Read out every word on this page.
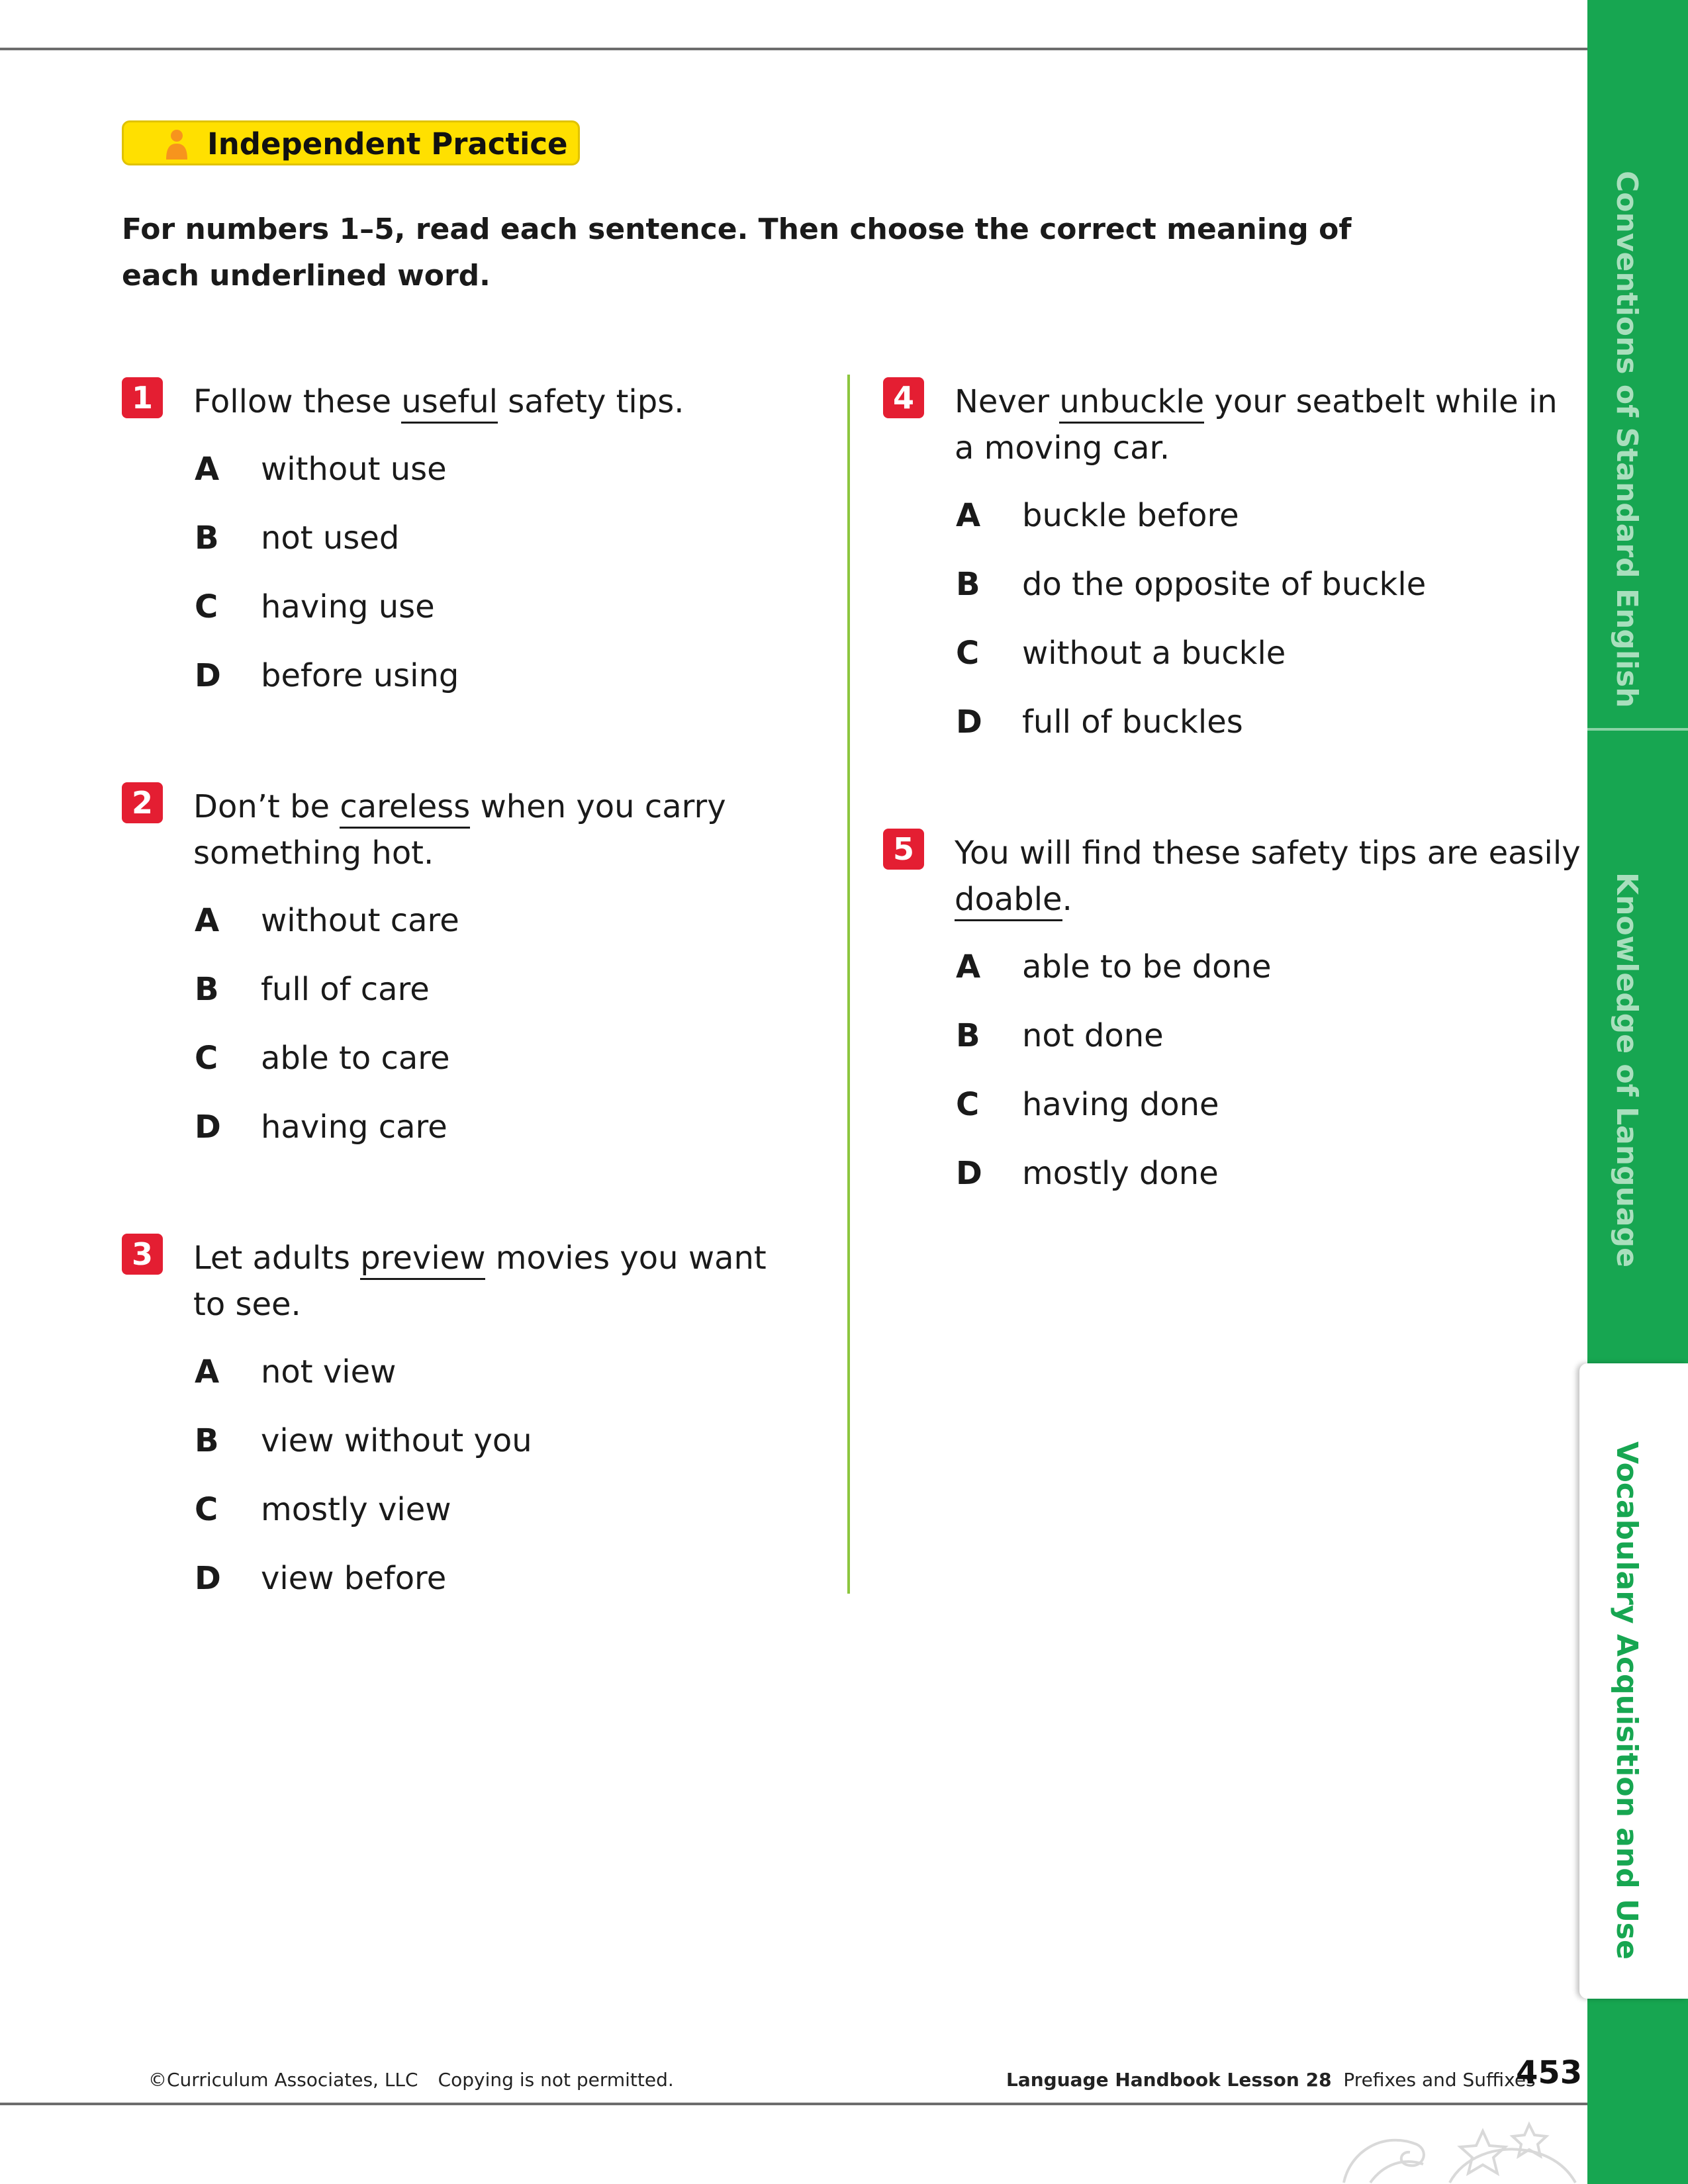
Conventions of Standard English
Knowledge of Language
Vocabulary Acquisition and Use
Independent Practice
For numbers 1–5, read each sentence. Then choose the correct meaning of each underlined word.
1	Follow these useful safety tips.
A	without use
B	not used
C	having use
D	before using
2	Don’t be careless when you carry
something hot.
A	without care
B	full of care
C	able to care
D	having care
3	Let adults preview movies you want
to see.
A	not view
B	view without you
C	mostly view
D	view before
4	Never unbuckle your seatbelt while in
a moving car.
A	buckle before
B	do the opposite of buckle
C	without a buckle
D	full of buckles
5	You will find these safety tips are easily
doable.
A	able to be done
B	not done
C	having done
D	mostly done
©Curriculum Associates, LLC Copying is not permitted.	Language Handbook Lesson 28 Prefixes and Suffixes
453
